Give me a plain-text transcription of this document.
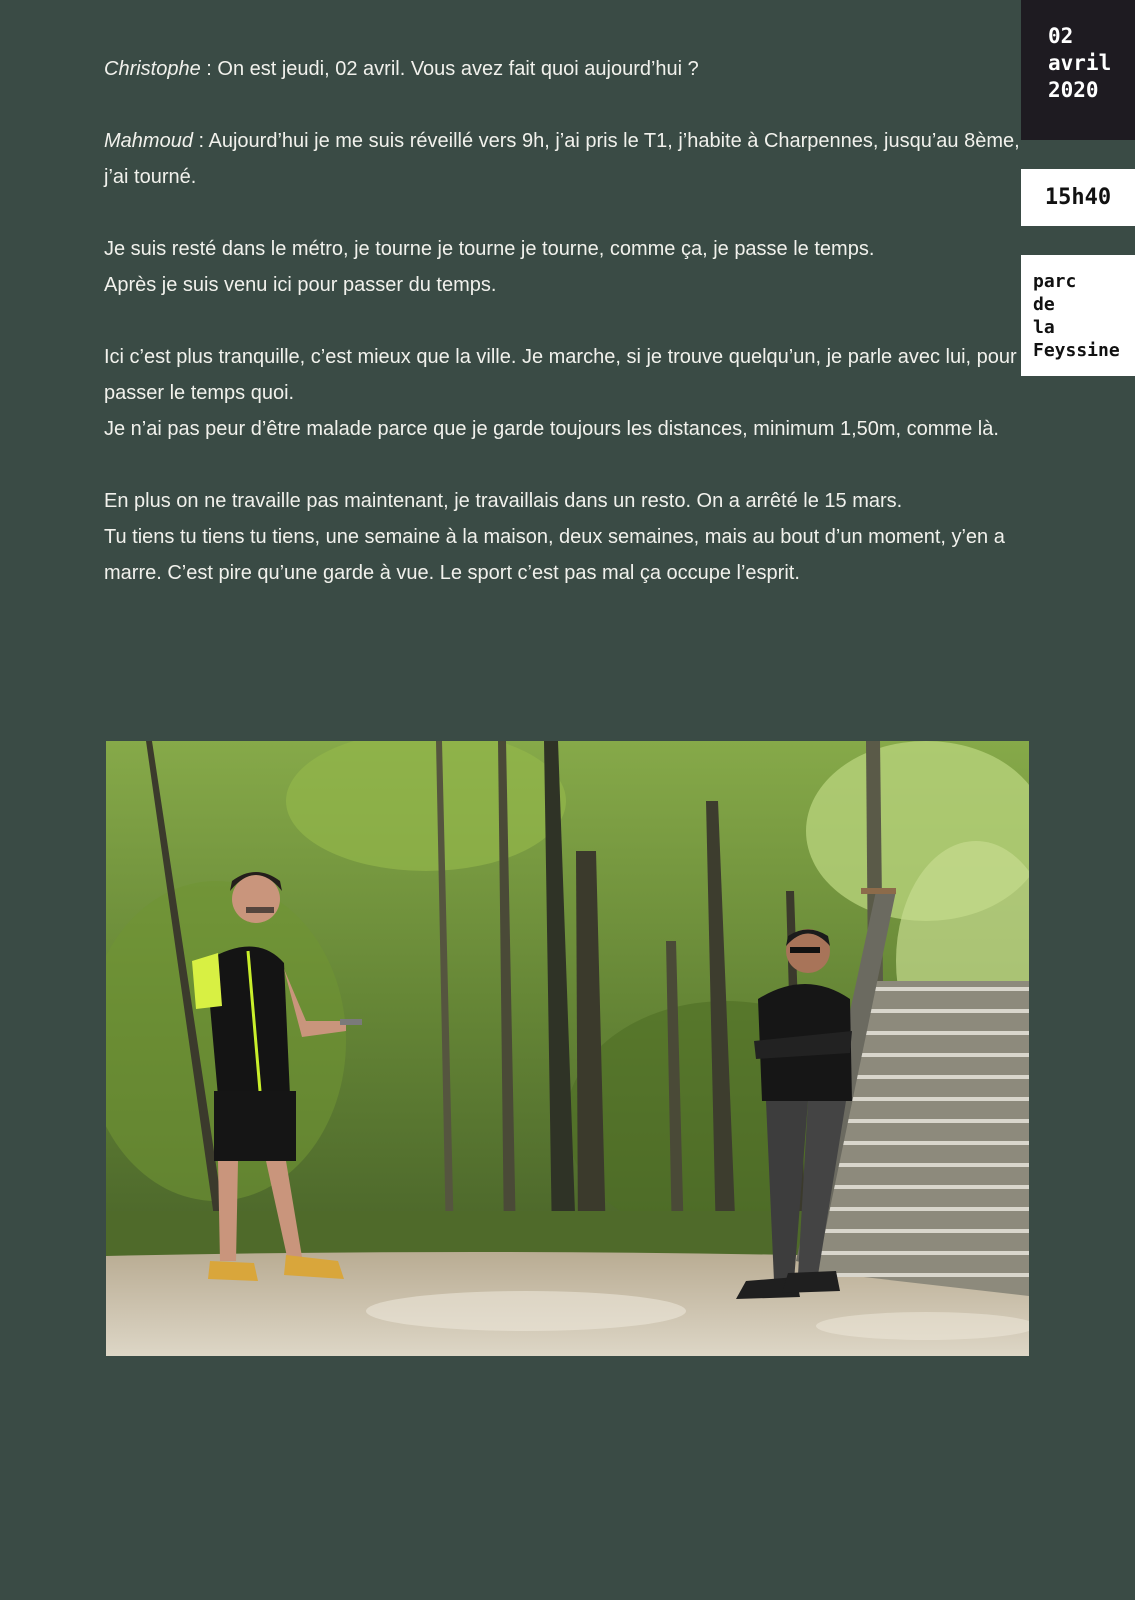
Christophe : On est jeudi, 02 avril. Vous avez fait quoi aujourd’hui ?

Mahmoud : Aujourd’hui je me suis réveillé vers 9h, j’ai pris le T1, j’habite à Charpennes, jusqu’au 8ème, j’ai tourné.

Je suis resté dans le métro, je tourne je tourne je tourne, comme ça, je passe le temps.
Après je suis venu ici pour passer du temps.

Ici c’est plus tranquille, c’est mieux que la ville. Je marche, si je trouve quelqu’un, je parle avec lui, pour passer le temps quoi.
Je n’ai pas peur d’être malade parce que je garde toujours les distances, minimum 1,50m, comme là.

En plus on ne travaille pas maintenant, je travaillais dans un resto. On a arrêté le 15 mars.
Tu tiens tu tiens tu tiens, une semaine à la maison, deux semaines, mais au bout d’un moment, y’en a marre. C’est pire qu’une garde à vue. Le sport c’est pas mal ça occupe l’esprit.

02
avril
2020
15h40
parc
de
la
Feyssine
